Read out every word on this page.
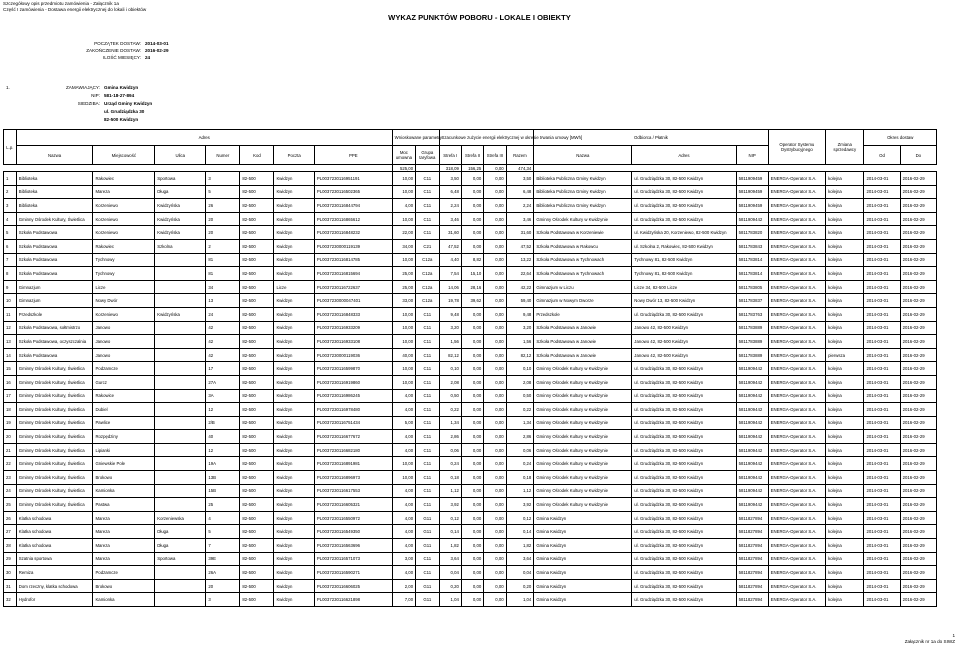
Szczegółowy opis przedmiotu zamówienia - Załącznik 1a
Część I zamówienia - Dostawa energii elektrycznej do lokali i obiektów
WYKAZ PUNKTÓW POBORU - LOKALE I OBIEKTY
POCZĄTEK DOSTAW: 2014-03-01
ZAKOŃCZENIE DOSTAW: 2016-02-29
ILOŚĆ MIESIĘCY: 24
1.	ZAMAWIAJĄCY: Gmina Kwidzyn
NIP: 581-18-27-894
SIEDZIBA: Urząd Gminy Kwidzyn
ul. Grudziądzka 30
82-500 Kwidzyn
L.p.	Adres							Wnioskowane parametry		Szacunkowe zużycie energii elektrycznej w okresie trwania umowy [MWh]				Odbiorca / Płatnik			Operator Systemu Dystrybucyjnego	Zmiana sprzedawcy	Okres dostaw	
	Nazwa	Miejscowość	Ulica	Numer	Kod	Poczta	PPE	Moc umowna	Grupa taryfowa	Strefa I	Strefa II	Strefa III	Razem	Nazwa	Adres	NIP			Od	Do
								525,00		318,09	156,25	0,00	474,34							
1	Biblioteka	Rakowiec	Sportowa	3	82-500	Kwidzyn	PL0037230116951191	10,00	C11	3,50	0,00	0,00	3,50	Biblioteka Publiczna Gminy Kwidzyn	ul. Grudziądzka 30, 82-500 Kwidzyn	5811909459	ENERGA-Operator S.A.	kolejna	2014-03-01	2016-02-29
2	Biblioteka	Mareza	Długa	5	82-500	Kwidzyn	PL0037230116502365	10,00	C11	6,48	0,00	0,00	6,48	Biblioteka Publiczna Gminy Kwidzyn	ul. Grudziądzka 30, 82-500 Kwidzyn	5811909459	ENERGA-Operator S.A.	kolejna	2014-03-01	2016-02-29
3	Biblioteka	Korzeniewo	Kwidzyńska	26	82-500	Kwidzyn	PL0037230116844794	4,00	C11	2,24	0,00	0,00	2,24	Biblioteka Publiczna Gminy Kwidzyn	ul. Grudziądzka 30, 82-500 Kwidzyn	5811909459	ENERGA-Operator S.A.	kolejna	2014-03-01	2016-02-29
4	Gminny Ośrodek Kultury, Świetlica	Korzeniewo	Kwidzyńska	20	82-500	Kwidzyn	PL0037230116865612	10,00	C11	3,46	0,00	0,00	3,46	Gminny Ośrodek Kultury w Kwidzynie	ul. Grudziądzka 30, 82-500 Kwidzyn	5811909442	ENERGA-Operator S.A.	kolejna	2014-03-01	2016-02-29
5	Szkoła Podstawowa	Korzeniewo	Kwidzyńska	20	82-500	Kwidzyn	PL0037230116848232	22,00	C11	31,60	0,00	0,00	31,60	Szkoła Podstawowa w Korzeniewie	ul. Kwidzyńska 20, Korzeniewo, 82-500 Kwidzyn	5811783820	ENERGA-Operator S.A.	kolejna	2014-03-01	2016-02-29
6	Szkoła Podstawowa	Rakowiec	Szkolna	2	82-500	Kwidzyn	PL0037230000119139	34,00	C21	47,52	0,00	0,00	47,52	Szkoła Podstawowa w Rakowcu	ul. Szkolna 2, Rakowiec, 82-500 Kwidzyn	5811783843	ENERGA-Operator S.A.	kolejna	2014-03-01	2016-02-29
7	Szkoła Podstawowa	Tychnowy		81	82-500	Kwidzyn	PL0037230116814785	10,00	C12a	4,40	8,82	0,00	13,22	Szkoła Podstawowa w Tychnowach	Tychnowy 81, 82-500 Kwidzyn	5811783814	ENERGA-Operator S.A.	kolejna	2014-03-01	2016-02-29
8	Szkoła Podstawowa	Tychnowy		81	82-500	Kwidzyn	PL0037230116815694	25,00	C12a	7,54	15,10	0,00	22,64	Szkoła Podstawowa w Tychnowach	Tychnowy 81, 82-500 Kwidzyn	5811783814	ENERGA-Operator S.A.	kolejna	2014-03-01	2016-02-29
9	Gimnazjum	Licze		34	82-500	Licze	PL0037230116722637	25,00	C12a	14,06	28,16	0,00	42,22	Gimnazjum w Liczu	Licze 34, 82-500 Licze	5811783805	ENERGA-Operator S.A.	kolejna	2014-03-01	2016-02-29
10	Gimnazjum	Nowy Dwór		13	82-500	Kwidzyn	PL0037230000047401	33,00	C12a	19,78	39,62	0,00	59,40	Gimnazjum w Nowym Dworze	Nowy Dwór 13, 82-500 Kwidzyn	5811783837	ENERGA-Operator S.A.	kolejna	2014-03-01	2016-02-29
11	Przedszkole	Korzeniewo	Kwidzyńska	24	82-500	Kwidzyn	PL0037230116848333	10,00	C11	9,48	0,00	0,00	9,48	Przedszkole	ul. Grudziądzka 30, 82-500 Kwidzyn	5811783763	ENERGA-Operator S.A.	kolejna	2014-03-01	2016-02-29
12	Szkoła Podstawowa, sołtmistrzo	Janowo		42	82-500	Kwidzyn	PL0037230116933209	10,00	C11	3,20	0,00	0,00	3,20	Szkoła Podstawowa w Janowie	Janowo 42, 82-500 Kwidzyn	5811783889	ENERGA-Operator S.A.	kolejna	2014-03-01	2016-02-29
13	Szkoła Podstawowa, oczyszczalnia	Janowo		42	82-500	Kwidzyn	PL0037230116933108	10,00	C11	1,56	0,00	0,00	1,56	Szkoła Podstawowa w Janowie	Janowo 42, 82-500 Kwidzyn	5811783889	ENERGA-Operator S.A.	kolejna	2014-03-01	2016-02-29
14	Szkoła Podstawowa	Janowo		42	82-500	Kwidzyn	PL0037230000119036	40,00	C11	82,12	0,00	0,00	82,12	Szkoła Podstawowa w Janowie	Janowo 42, 82-500 Kwidzyn	5811783889	ENERGA-Operator S.A.	pierwsza	2014-03-01	2016-02-29
15	Gminny Ośrodek Kultury, Świetlica	Podzamcze		17	82-500	Kwidzyn	PL0037230116599870	10,00	C11	0,10	0,00	0,00	0,10	Gminny Ośrodek Kultury w Kwidzynie	ul. Grudziądzka 30, 82-500 Kwidzyn	5811909442	ENERGA-Operator S.A.	kolejna	2014-03-01	2016-02-29
16	Gminny Ośrodek Kultury, Świetlica	Gurcz		27A	82-500	Kwidzyn	PL0037230116919860	10,00	C11	2,08	0,00	0,00	2,08	Gminny Ośrodek Kultury w Kwidzynie	ul. Grudziądzka 30, 82-500 Kwidzyn	5811909442	ENERGA-Operator S.A.	kolejna	2014-03-01	2016-02-29
17	Gminny Ośrodek Kultury, Świetlica	Rakowice		3A	82-500	Kwidzyn	PL0037230116986245	4,00	C11	0,50	0,00	0,00	0,50	Gminny Ośrodek Kultury w Kwidzynie	ul. Grudziądzka 30, 82-500 Kwidzyn	5811909442	ENERGA-Operator S.A.	kolejna	2014-03-01	2016-02-29
18	Gminny Ośrodek Kultury, Świetlica	Dubiel		12	82-500	Kwidzyn	PL0037230116978480	4,00	C11	0,22	0,00	0,00	0,22	Gminny Ośrodek Kultury w Kwidzynie	ul. Grudziądzka 30, 82-500 Kwidzyn	5811909442	ENERGA-Operator S.A.	kolejna	2014-03-01	2016-02-29
19	Gminny Ośrodek Kultury, Świetlica	Pawlice		2/B	82-500	Kwidzyn	PL0037230116751434	5,00	C11	1,34	0,00	0,00	1,34	Gminny Ośrodek Kultury w Kwidzynie	ul. Grudziądzka 30, 82-500 Kwidzyn	5811909442	ENERGA-Operator S.A.	kolejna	2014-03-01	2016-02-29
20	Gminny Ośrodek Kultury, Świetlica	Rozpędziny		40	82-500	Kwidzyn	PL0037230116677672	4,00	C11	2,86	0,00	0,00	2,86	Gminny Ośrodek Kultury w Kwidzynie	ul. Grudziądzka 30, 82-500 Kwidzyn	5811909442	ENERGA-Operator S.A.	kolejna	2014-03-01	2016-02-29
21	Gminny Ośrodek Kultury, Świetlica	Lipianki		12	82-500	Kwidzyn	PL0037230116682180	4,00	C11	0,06	0,00	0,00	0,06	Gminny Ośrodek Kultury w Kwidzynie	ul. Grudziądzka 30, 82-500 Kwidzyn	5811909442	ENERGA-Operator S.A.	kolejna	2014-03-01	2016-02-29
22	Gminny Ośrodek Kultury, Świetlica	Gniewskie Pole		19A	82-500	Kwidzyn	PL0037230116891981	10,00	C11	0,24	0,00	0,00	0,24	Gminny Ośrodek Kultury w Kwidzynie	ul. Grudziądzka 30, 82-500 Kwidzyn	5811909442	ENERGA-Operator S.A.	kolejna	2014-03-01	2016-02-29
23	Gminny Ośrodek Kultury, Świetlica	Brokowo		13B	82-500	Kwidzyn	PL0037230116896973	10,00	C11	0,18	0,00	0,00	0,18	Gminny Ośrodek Kultury w Kwidzynie	ul. Grudziądzka 30, 82-500 Kwidzyn	5811909442	ENERGA-Operator S.A.	kolejna	2014-03-01	2016-02-29
24	Gminny Ośrodek Kultury, Świetlica	Kamionka		15B	82-500	Kwidzyn	PL0037230116617553	4,00	C11	1,12	0,00	0,00	1,12	Gminny Ośrodek Kultury w Kwidzynie	ul. Grudziądzka 30, 82-500 Kwidzyn	5811909442	ENERGA-Operator S.A.	kolejna	2014-03-01	2016-02-29
25	Gminny Ośrodek Kultury, Świetlica	Pastwa		25	82-500	Kwidzyn	PL0037230116605321	4,00	C11	3,92	0,00	0,00	3,92	Gminny Ośrodek Kultury w Kwidzynie	ul. Grudziądzka 30, 82-500 Kwidzyn	5811909442	ENERGA-Operator S.A.	kolejna	2014-03-01	2016-02-29
26	Klatka schodowa	Mareza	Korzeniewska	4	82-500	Kwidzyn	PL0037230116550972	4,00	G11	0,12	0,00	0,00	0,12	Gmina Kwidzyn	ul. Grudziądzka 30, 82-500 Kwidzyn	5811827894	ENERGA-Operator S.A.	kolejna	2014-03-01	2016-02-29
27	Klatka schodowa	Mareza	Długa	5	82-500	Kwidzyn	PL0037230116549350	4,00	G11	0,14	0,00	0,00	0,14	Gmina Kwidzyn	ul. Grudziądzka 30, 82-500 Kwidzyn	5811827894	ENERGA-Operator S.A.	kolejna	2014-03-01	2016-02-29
28	Klatka schodowa	Mareza	Długa	7	82-500	Kwidzyn	PL0037230116563696	4,00	G11	1,82	0,00	0,00	1,82	Gmina Kwidzyn	ul. Grudziądzka 30, 82-500 Kwidzyn	5811827894	ENERGA-Operator S.A.	kolejna	2014-03-01	2016-02-29
29	Szatnia sportowa	Mareza	Sportowa	39E	82-500	Kwidzyn	PL0037230116571073	3,00	C11	3,64	0,00	0,00	3,64	Gmina Kwidzyn	ul. Grudziądzka 30, 82-500 Kwidzyn	5811827894	ENERGA-Operator S.A.	kolejna	2014-03-01	2016-02-29
30	Remiza	Podzamcze		26A	82-500	Kwidzyn	PL0037230116590271	4,00	C11	0,04	0,00	0,00	0,04	Gmina Kwidzyn	ul. Grudziądzka 30, 82-500 Kwidzyn	5811827894	ENERGA-Operator S.A.	kolejna	2014-03-01	2016-02-29
31	Dom rzeczny, klatka schodowa	Brokowo		20	82-500	Kwidzyn	PL0037230116606025	2,00	G11	0,20	0,00	0,00	0,20	Gmina Kwidzyn	ul. Grudziądzka 30, 82-500 Kwidzyn	5811827894	ENERGA-Operator S.A.	kolejna	2014-03-01	2016-02-29
32	Hydrofor	Kamionka		3	82-500	Kwidzyn	PL0037230116621898	7,00	G11	1,04	0,00	0,00	1,04	Gmina Kwidzyn	ul. Grudziądzka 30, 82-500 Kwidzyn	5811827894	ENERGA-Operator S.A.	kolejna	2014-03-01	2016-02-29
1
Załącznik nr 1a do SIWZ
